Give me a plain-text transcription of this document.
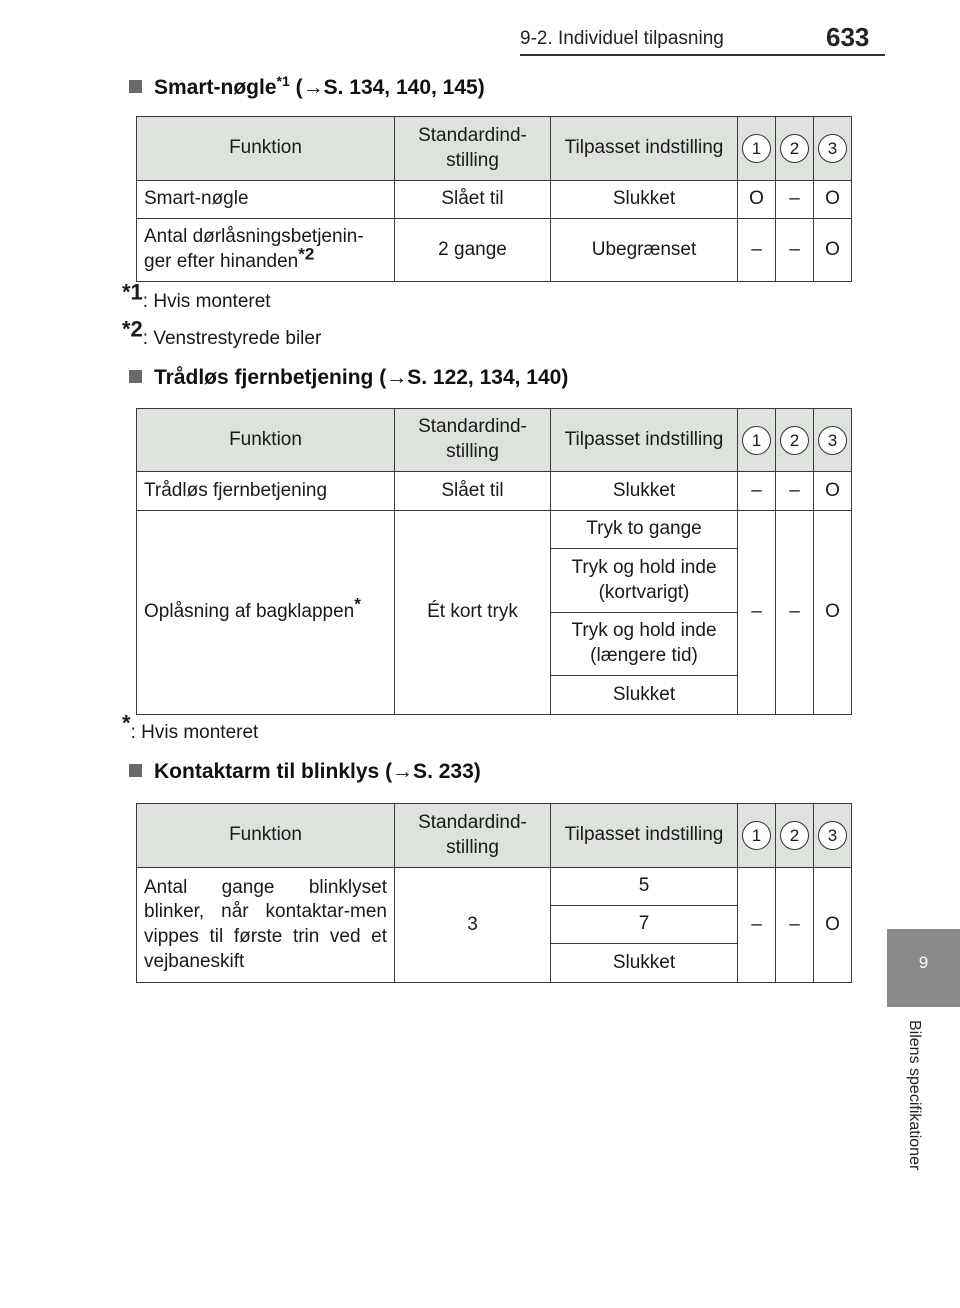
9-2. Individuel tilpasning	633
9
Bilens specifikationer
Smart-nøgle$^{*1}$ (→S. 134, 140, 145)
Funktion	Standardind-stilling	Tilpasset indstilling	1	2	3
Smart-nøgle	Slået til	Slukket	O	–	O
Antal dørlåsningsbetjenin-ger efter hinanden$^{*2}$	2 gange	Ubegrænset	–	–	O
$^{*1}$: Hvis monteret
$^{*2}$: Venstrestyrede biler
Trådløs fjernbetjening (→S. 122, 134, 140)
Funktion	Standardind-stilling	Tilpasset indstilling	1	2	3
Trådløs fjernbetjening	Slået til	Slukket	–	–	O
Oplåsning af bagklappen*	Ét kort tryk	Tryk to gange	–	–	O
		Tryk og hold inde (kortvarigt)			
		Tryk og hold inde (længere tid)			
		Slukket			
*: Hvis monteret
Kontaktarm til blinklys (→S. 233)
Funktion	Standardind-stilling	Tilpasset indstilling	1	2	3
Antal gange blinklyset blinker, når kontaktar-men vippes til første trin ved et vejbaneskift	3	5	–	–	O
		7			
		Slukket			
